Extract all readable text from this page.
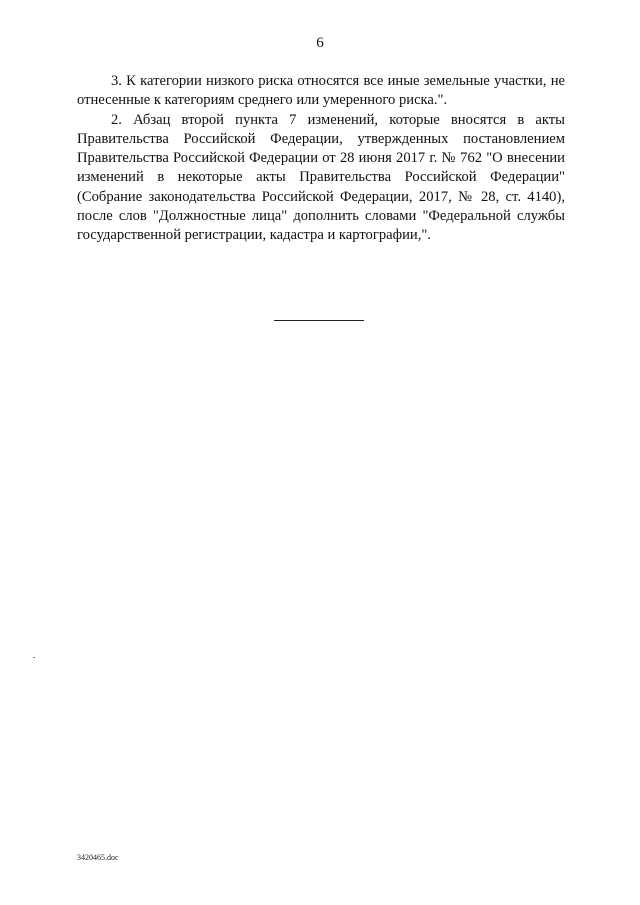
6

3. К категории низкого риска относятся все иные земельные участки, не отнесенные к категориям среднего или умеренного риска.".

2. Абзац второй пункта 7 изменений, которые вносятся в акты Правительства Российской Федерации, утвержденных постановлением Правительства Российской Федерации от 28 июня 2017 г. № 762 "О внесении изменений в некоторые акты Правительства Российской Федерации" (Собрание законодательства Российской Федерации, 2017, № 28, ст. 4140), после слов "Должностные лица" дополнить словами "Федеральной службы государственной регистрации, кадастра и картографии,".

3420465.doc
